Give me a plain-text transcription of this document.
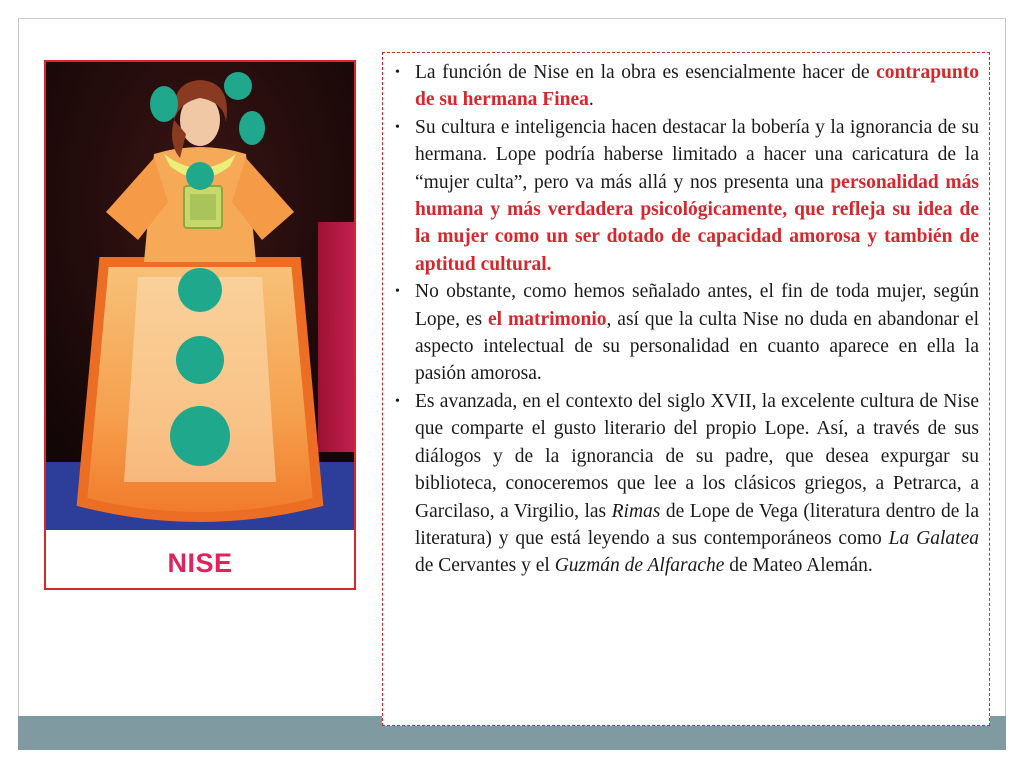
NISE
• La función de Nise en la obra es esencialmente hacer de contrapunto de su hermana Finea.
• Su cultura e inteligencia hacen destacar la bobería y la ignorancia de su hermana. Lope podría haberse limitado a hacer una caricatura de la “mujer culta”, pero va más allá y nos presenta una personalidad más humana y más verdadera psicológicamente, que refleja su idea de la mujer como un ser dotado de capacidad amorosa y también de aptitud cultural.
• No obstante, como hemos señalado antes, el fin de toda mujer, según Lope, es el matrimonio, así que la culta Nise no duda en abandonar el aspecto intelectual de su personalidad en cuanto aparece en ella la pasión amorosa.
• Es avanzada, en el contexto del siglo XVII, la excelente cultura de Nise que comparte el gusto literario del propio Lope. Así, a través de sus diálogos y de la ignorancia de su padre, que desea expurgar su biblioteca, conoceremos que lee a los clásicos griegos, a Petrarca, a Garcilaso, a Virgilio, las Rimas de Lope de Vega (literatura dentro de la literatura) y que está leyendo a sus contemporáneos como La Galatea de Cervantes y el Guzmán de Alfarache de Mateo Alemán.
